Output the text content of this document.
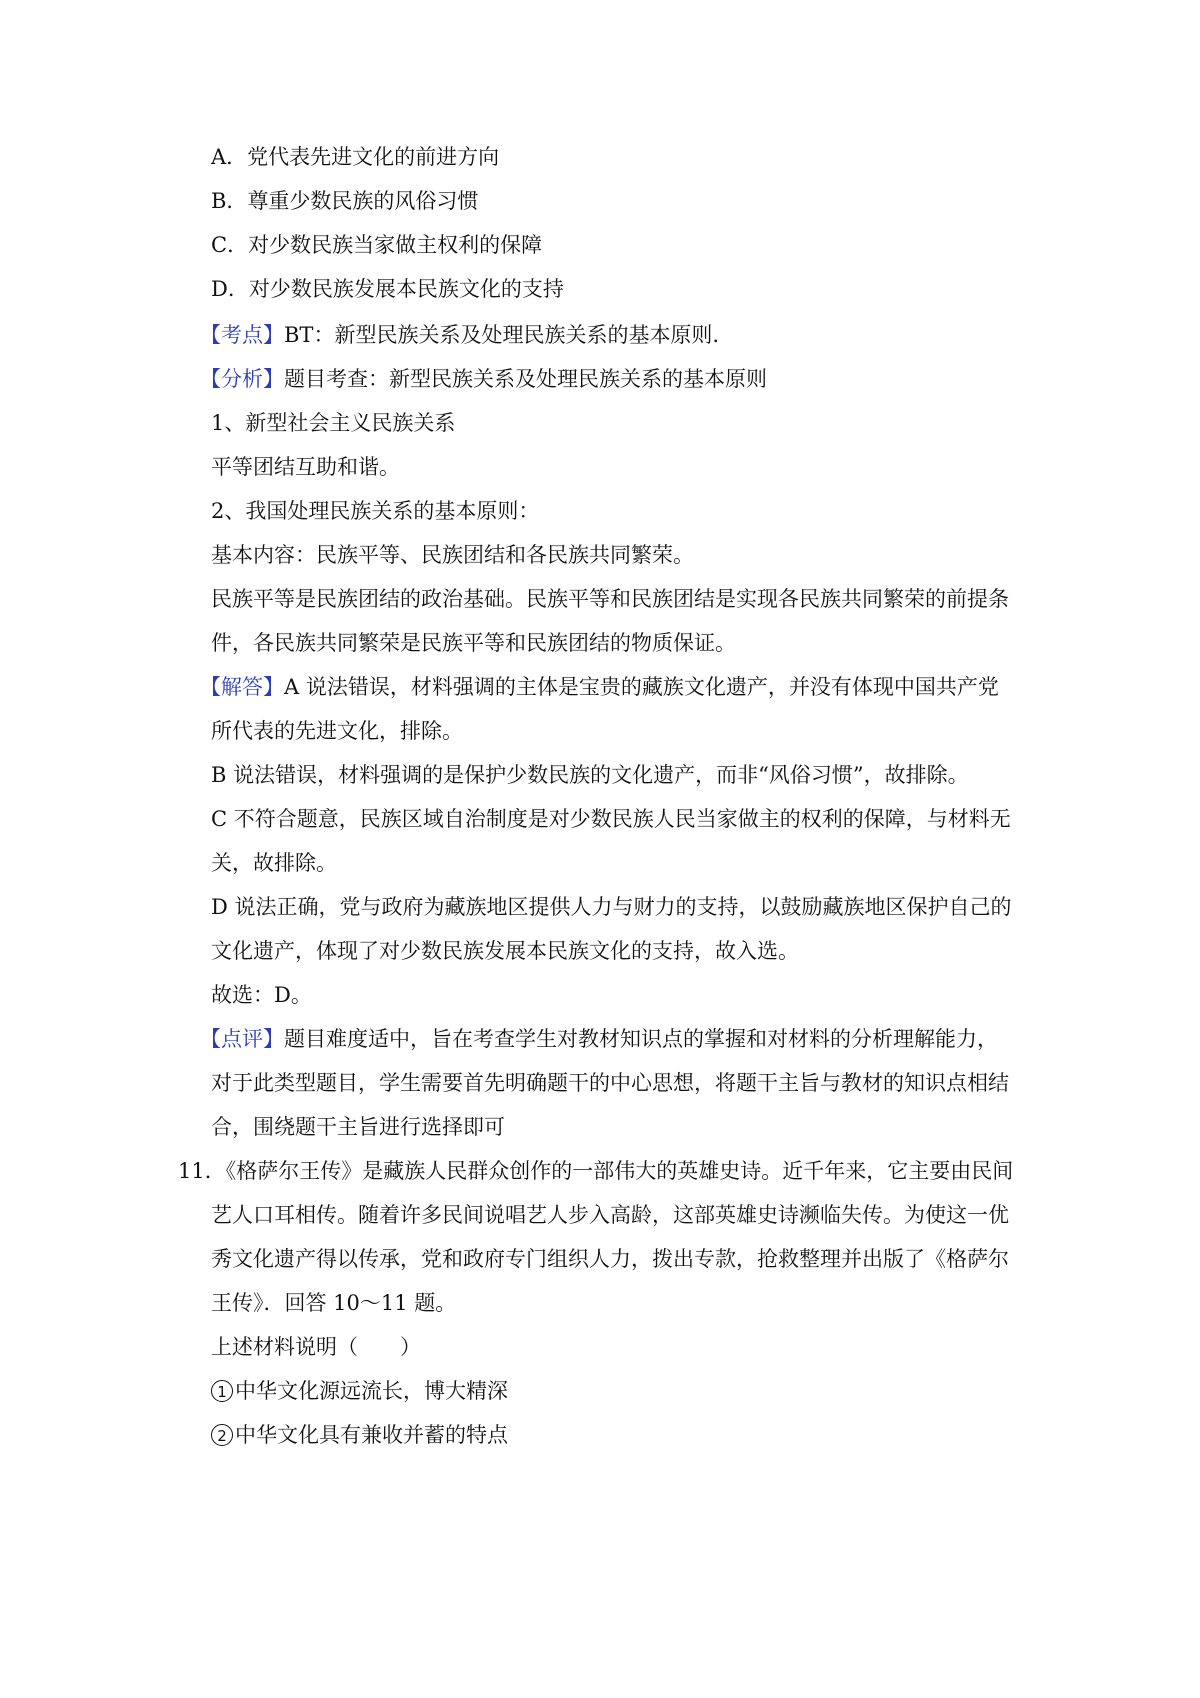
A．党代表先进文化的前进方向
B．尊重少数民族的风俗习惯
C．对少数民族当家做主权利的保障
D．对少数民族发展本民族文化的支持
【考点】BT：新型民族关系及处理民族关系的基本原则.
【分析】题目考查：新型民族关系及处理民族关系的基本原则
1、新型社会主义民族关系
平等团结互助和谐。
2、我国处理民族关系的基本原则：
基本内容：民族平等、民族团结和各民族共同繁荣。
民族平等是民族团结的政治基础。民族平等和民族团结是实现各民族共同繁荣的前提条
件，各民族共同繁荣是民族平等和民族团结的物质保证。
【解答】A 说法错误，材料强调的主体是宝贵的藏族文化遗产，并没有体现中国共产党
所代表的先进文化，排除。
B 说法错误，材料强调的是保护少数民族的文化遗产，而非“风俗习惯”，故排除。
C 不符合题意，民族区域自治制度是对少数民族人民当家做主的权利的保障，与材料无
关，故排除。
D 说法正确，党与政府为藏族地区提供人力与财力的支持，以鼓励藏族地区保护自己的
文化遗产，体现了对少数民族发展本民族文化的支持，故入选。
故选：D。
【点评】题目难度适中，旨在考查学生对教材知识点的掌握和对材料的分析理解能力，
对于此类型题目，学生需要首先明确题干的中心思想，将题干主旨与教材的知识点相结
合，围绕题干主旨进行选择即可
11．《格萨尔王传》是藏族人民群众创作的一部伟大的英雄史诗。近千年来，它主要由民间
艺人口耳相传。随着许多民间说唱艺人步入高龄，这部英雄史诗濒临失传。为使这一优
秀文化遗产得以传承，党和政府专门组织人力，拨出专款，抢救整理并出版了《格萨尔
王传》．回答 10～11 题。
上述材料说明（　　）
1 中华文化源远流长，博大精深
2 中华文化具有兼收并蓄的特点
